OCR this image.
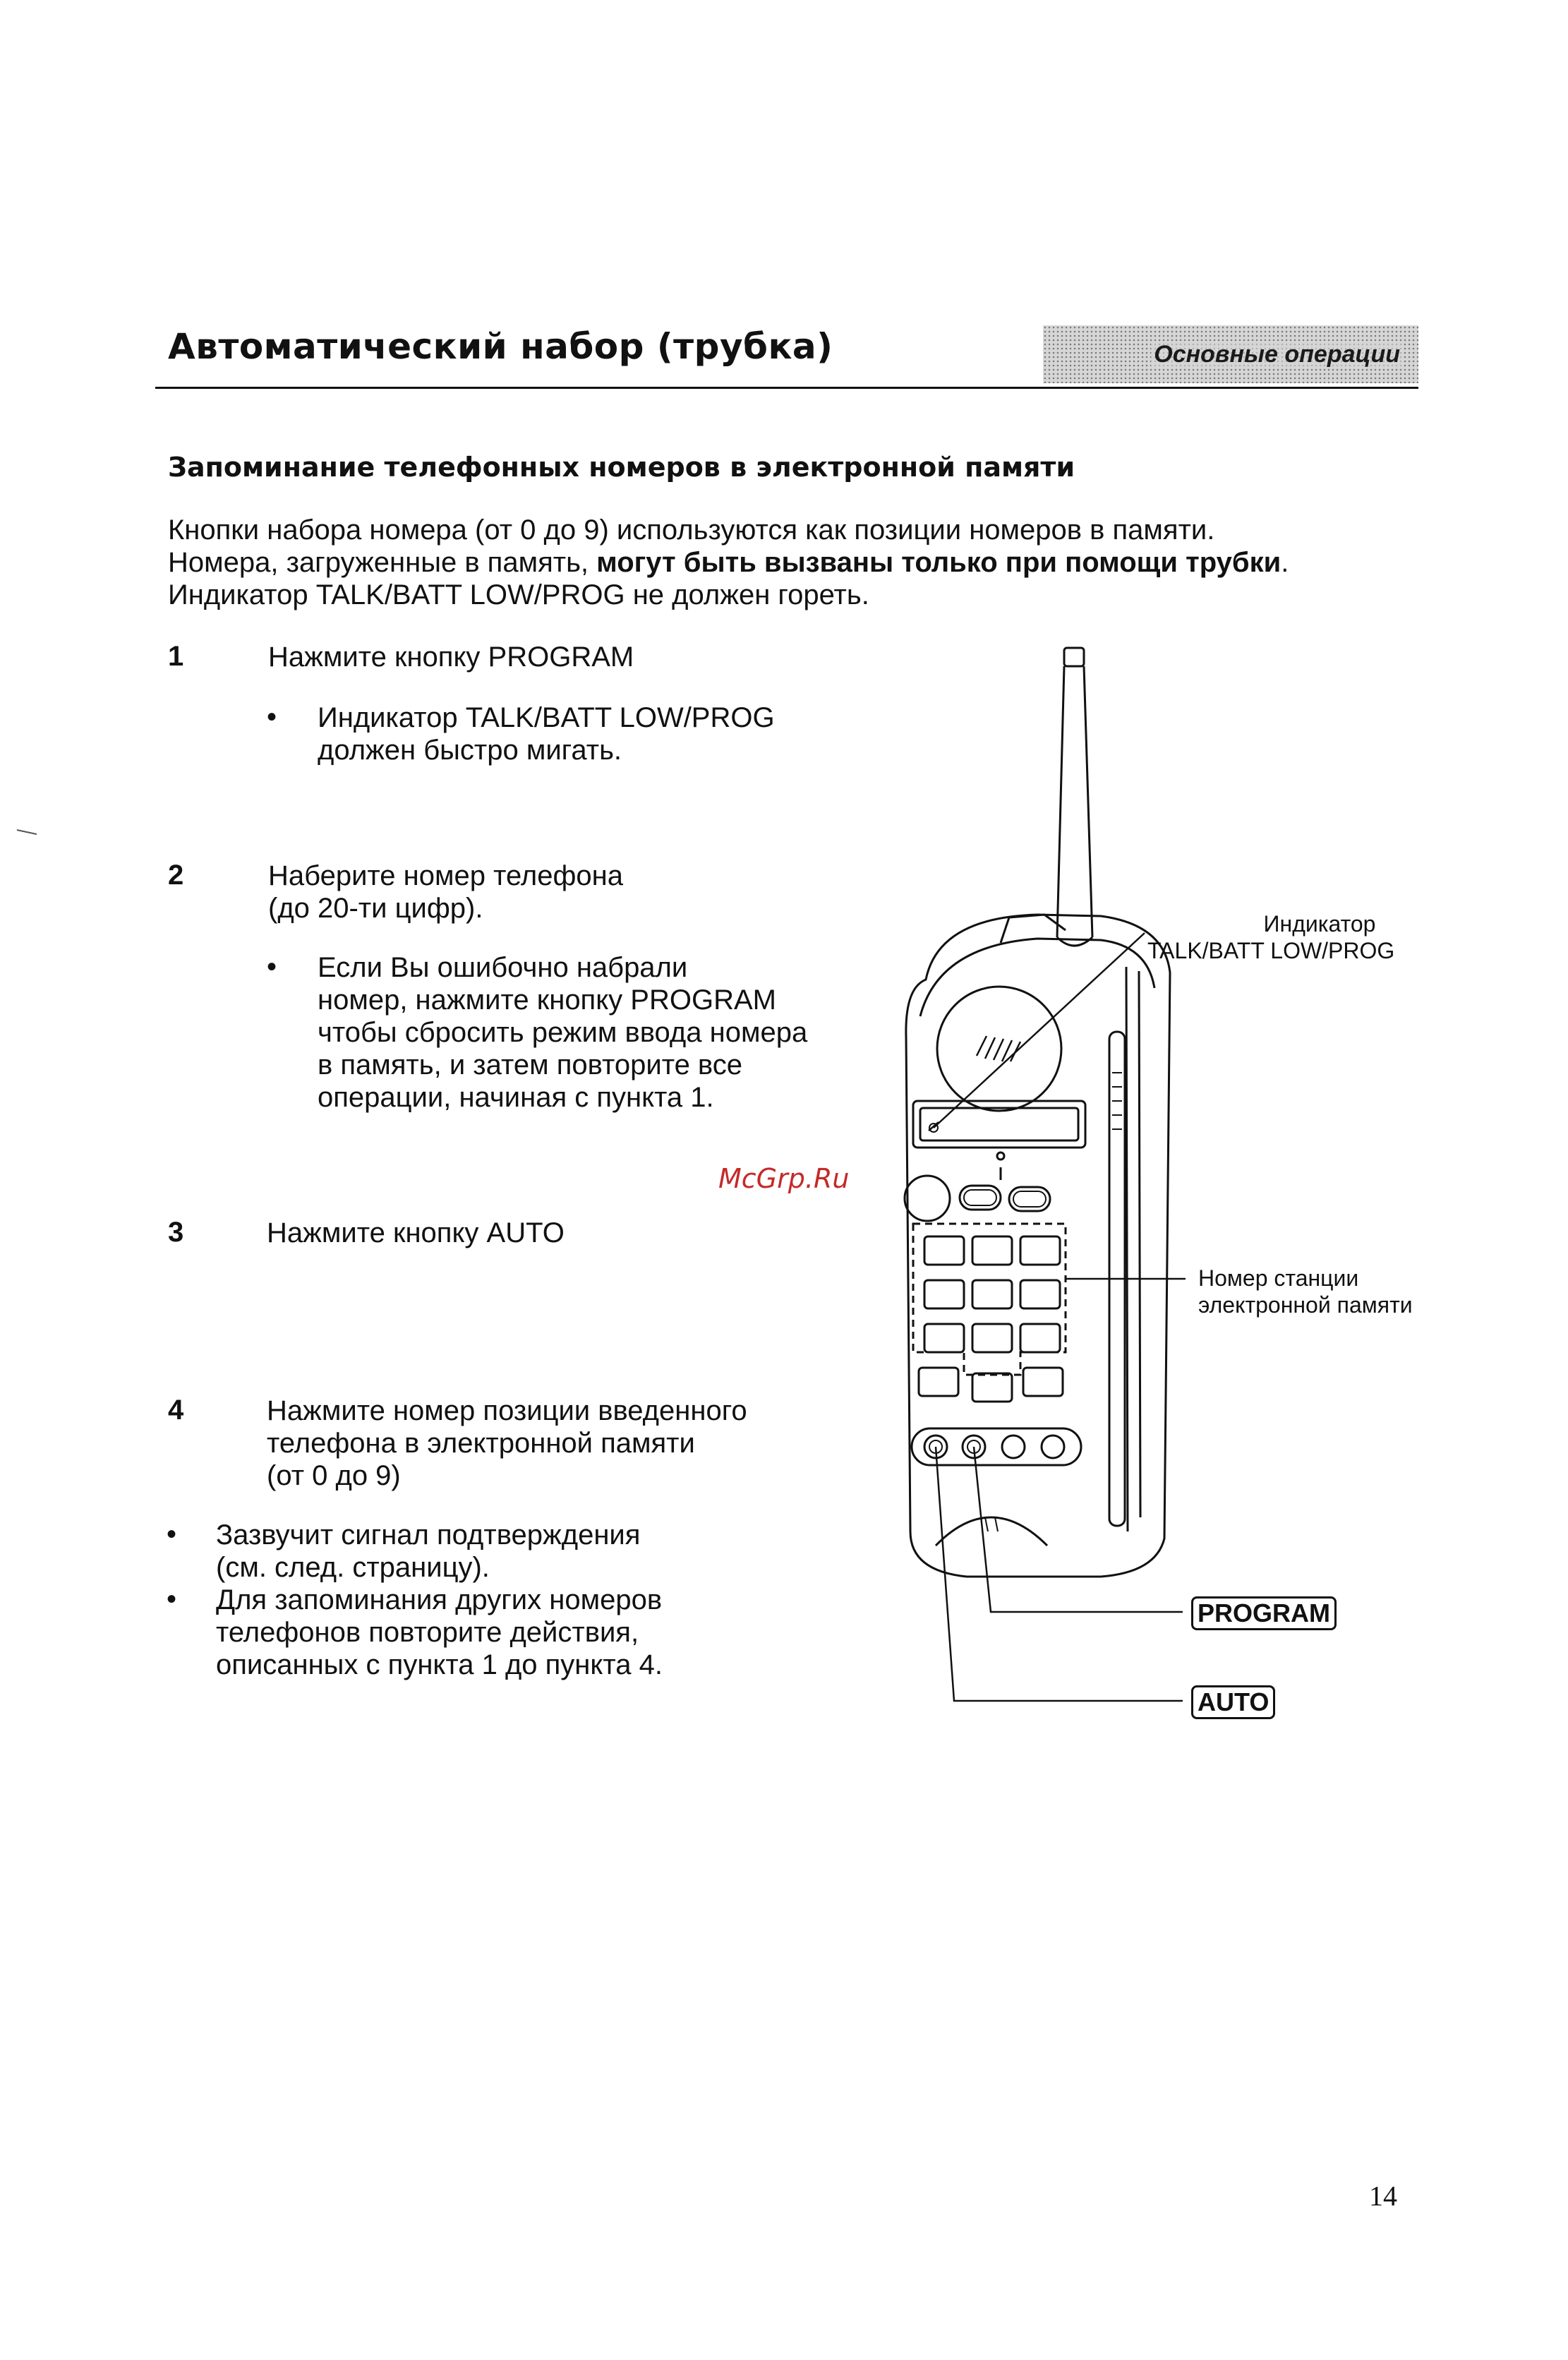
Автоматический набор (трубка)	Основные операции
Запоминание телефонных номеров в электронной памяти
Кнопки набора номера (от 0 до 9) используются как позиции номеров в памяти.
Номера, загруженные в память, могут быть вызваны только при помощи трубки.
Индикатор TALK/BATT LOW/PROG не должен гореть.
1	Нажмите кнопку PROGRAM
• Индикатор TALK/BATT LOW/PROG
должен быстро мигать.
2	Наберите номер телефона
(до 20-ти цифр).
• Если Вы ошибочно набрали
номер, нажмите кнопку PROGRAM
чтобы сбросить режим ввода номера
в память, и затем повторите все
операции, начиная с пункта 1.
McGrp.Ru
3	Нажмите кнопку AUTO
4	Нажмите номер позиции введенного
телефона в электронной памяти
(от 0 до 9)
• Зазвучит сигнал подтверждения
(см. след. страницу).
• Для запоминания других номеров
телефонов повторите действия,
описанных с пункта 1 до пункта 4.
Индикатор
TALK/BATT LOW/PROG
Номер станции
электронной памяти
PROGRAM
AUTO
14
